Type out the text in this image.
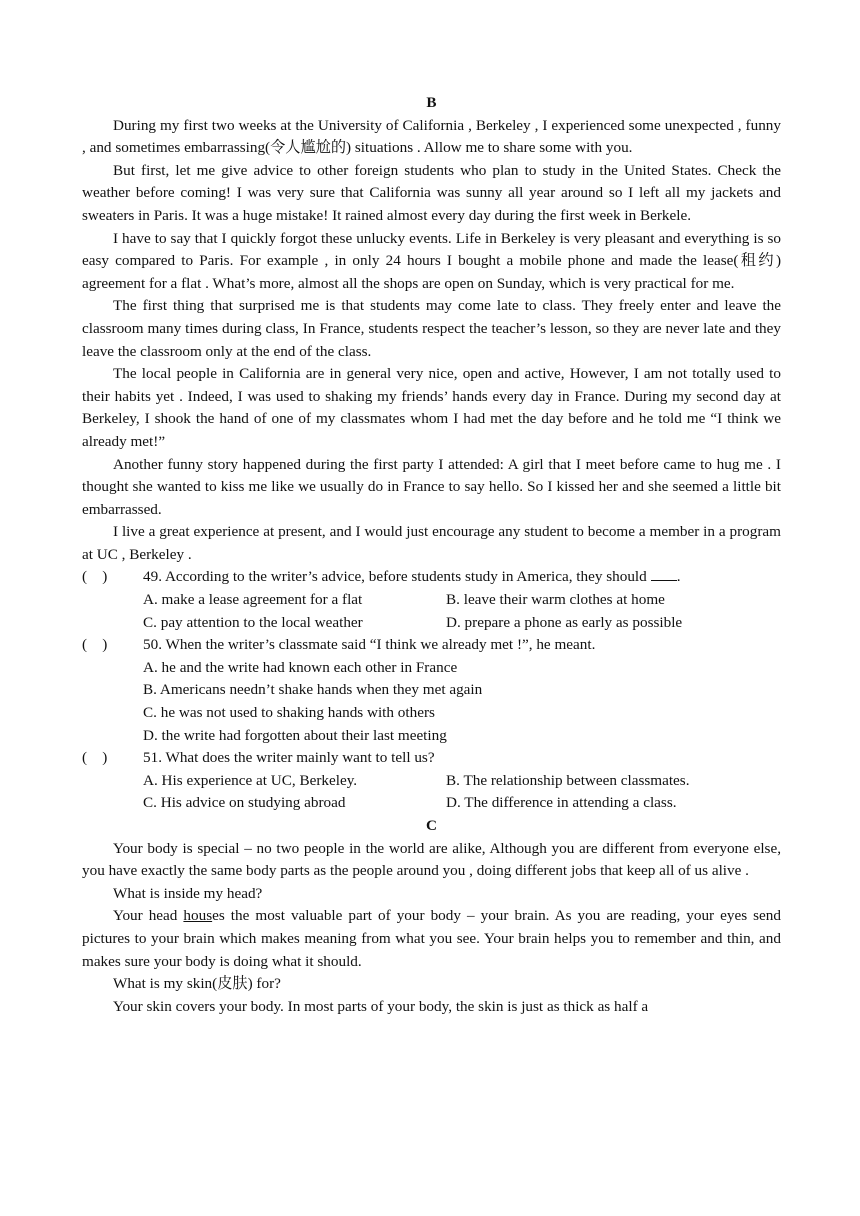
B

During my first two weeks at the University of California , Berkeley , I experienced some unexpected , funny , and sometimes embarrassing(令人尴尬的) situations . Allow me to share some with you.

But first, let me give advice to other foreign students who plan to study in the United States. Check the weather before coming! I was very sure that California was sunny all year around so I left all my jackets and sweaters in Paris. It was a huge mistake! It rained almost every day during the first week in Berkele.

I have to say that I quickly forgot these unlucky events. Life in Berkeley is very pleasant and everything is so easy compared to Paris. For example , in only 24 hours I bought a mobile phone and made the lease(租约) agreement for a flat . What’s more, almost all the shops are open on Sunday, which is very practical for me.

The first thing that surprised me is that students may come late to class. They freely enter and leave the classroom many times during class, In France, students respect the teacher’s lesson, so they are never late and they leave the classroom only at the end of the class.

The local people in California are in general very nice, open and active, However, I am not totally used to their habits yet . Indeed, I was used to shaking my friends’ hands every day in France. During my second day at Berkeley, I shook the hand of one of my classmates whom I had met the day before and he told me “I think we already met!”

Another funny story happened during the first party I attended: A girl that I meet before came to hug me . I thought she wanted to kiss me like we usually do in France to say hello. So I kissed her and she seemed a little bit embarrassed.

I live a great experience at present, and I would just encourage any student to become a member in a program at UC , Berkeley .

(    )	49. According to the writer’s advice, before students study in America, they should .
A. make a lease agreement for a flat	B. leave their warm clothes at home
C. pay attention to the local weather	D. prepare a phone as early as possible
(    )	50. When the writer’s classmate said “I think we already met !”, he meant.
A. he and the write had known each other in France
B. Americans needn’t shake hands when they met again
C. he was not used to shaking hands with others
D. the write had forgotten about their last meeting
(    )	51. What does the writer mainly want to tell us?
A. His experience at UC, Berkeley.	B. The relationship between classmates.
C. His advice on studying abroad	D. The difference in attending a class.

C

Your body is special – no two people in the world are alike, Although you are different from everyone else, you have exactly the same body parts as the people around you , doing different jobs that keep all of us alive .

What is inside my head?

Your head houses the most valuable part of your body – your brain. As you are reading, your eyes send pictures to your brain which makes meaning from what you see. Your brain helps you to remember and thin, and makes sure your body is doing what it should.

What is my skin(皮肤) for?

Your skin covers your body. In most parts of your body, the skin is just as thick as half a
